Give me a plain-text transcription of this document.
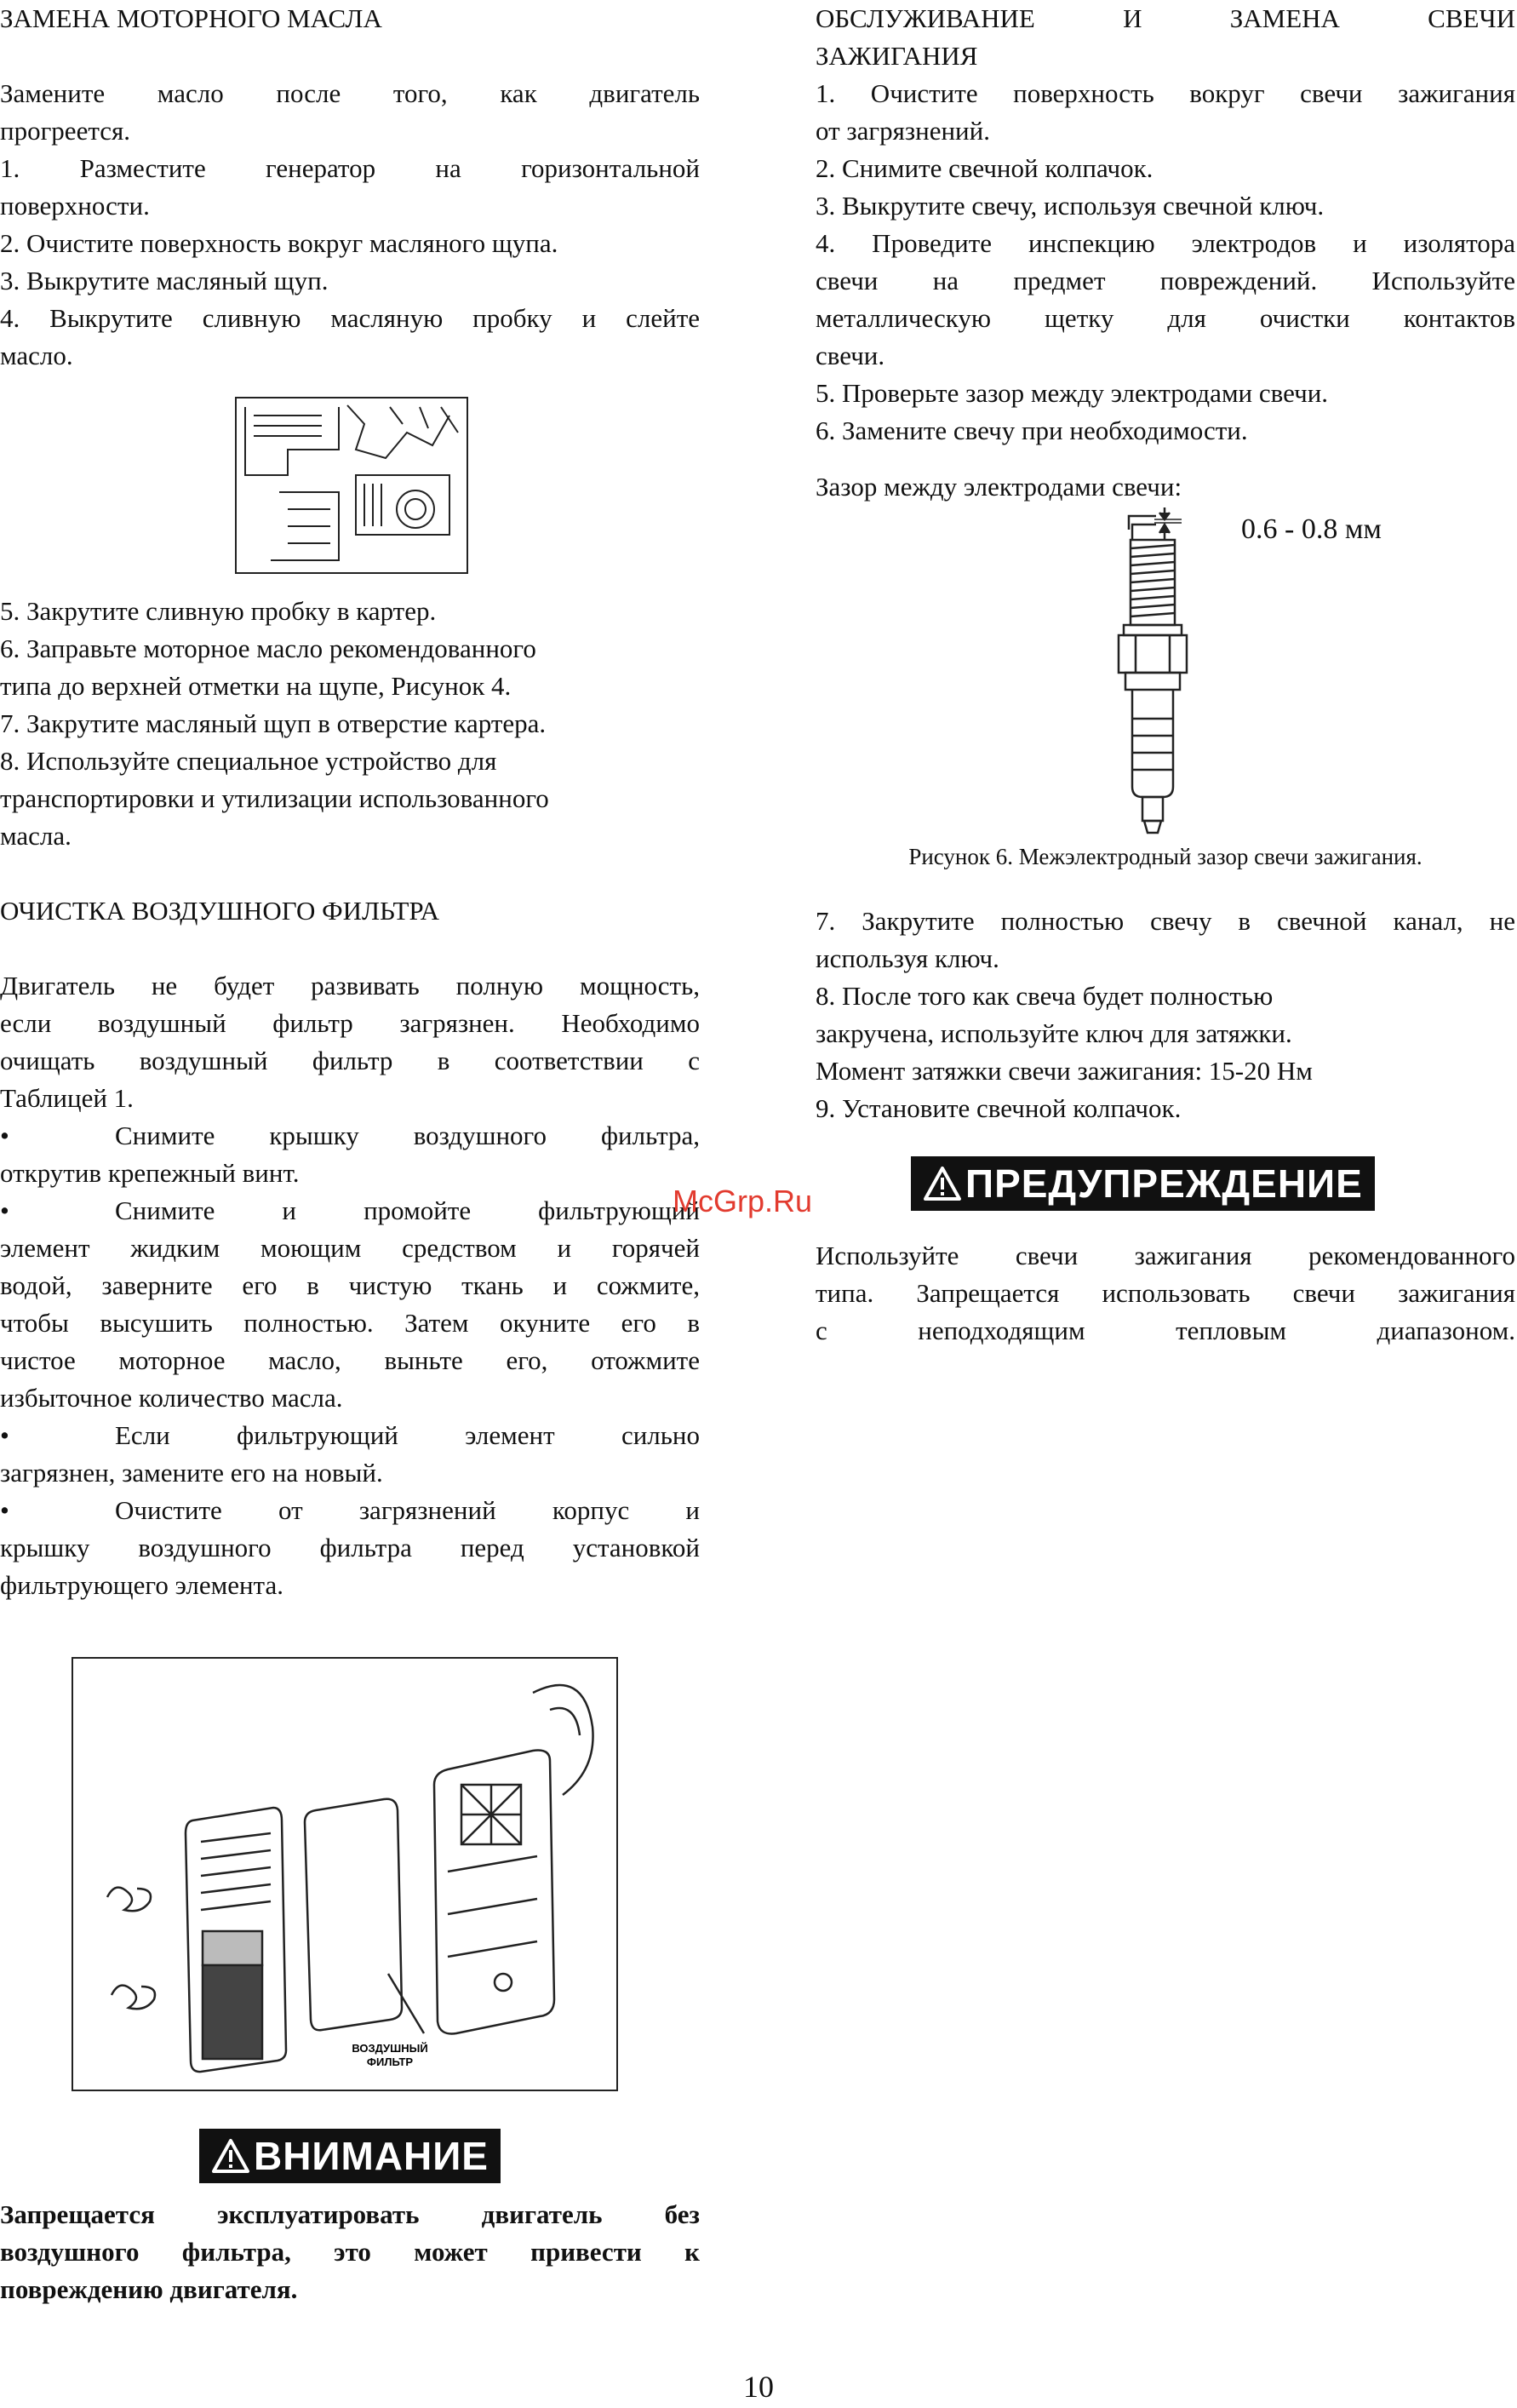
ЗАМЕНА МОТОРНОГО МАСЛА

Замените масло после того, как двигатель

прогреется.

1. Разместите генератор на горизонтальной

поверхности.

2. Очистите поверхность вокруг масляного щупа.

3. Выкрутите масляный щуп.

4. Выкрутите сливную масляную пробку и слейте

масло.

5. Закрутите сливную пробку в картер.

6. Заправьте моторное масло рекомендованного

типа до верхней отметки на щупе, Рисунок 4.

7. Закрутите масляный щуп в отверстие картера.

8. Используйте специальное устройство для

транспортировки и утилизации использованного

масла.

ОЧИСТКА ВОЗДУШНОГО ФИЛЬТРА

Двигатель не будет развивать полную мощность,

если воздушный фильтр загрязнен. Необходимо

очищать воздушный фильтр в соответствии с

Таблицей 1.

•	Снимите крышку воздушного фильтра,

открутив крепежный винт.

•	Снимите и промойте фильтрующий

элемент жидким моющим средством и горячей

водой, заверните его в чистую ткань и сожмите,

чтобы высушить полностью. Затем окуните его в

чистое моторное масло, выньте его, отожмите

избыточное количество масла.

•	Если фильтрующий элемент сильно

загрязнен, замените его на новый.

•	Очистите от загрязнений корпус и

крышку воздушного фильтра перед установкой

фильтрующего элемента.

ВОЗДУШНЫЙ
ФИЛЬТР
ВНИМАНИЕ

Запрещается эксплуатировать двигатель без

воздушного фильтра, это может привести к

повреждению двигателя.

ОБСЛУЖИВАНИЕ И ЗАМЕНА СВЕЧИ

ЗАЖИГАНИЯ

1. Очистите поверхность вокруг свечи зажигания

от загрязнений.

2. Снимите свечной колпачок.

3. Выкрутите свечу, используя свечной ключ.

4. Проведите инспекцию электродов и изолятора

свечи на предмет повреждений. Используйте

металлическую щетку для очистки контактов

свечи.

5. Проверьте зазор между электродами свечи.

6. Замените свечу при необходимости.

Зазор между электродами свечи:

0.6 - 0.8 мм

Рисунок 6. Межэлектродный зазор свечи зажигания.

7. Закрутите полностью свечу в свечной канал, не

используя ключ.

8. После того как свеча будет полностью

закручена, используйте ключ для затяжки.

Момент затяжки свечи зажигания: 15-20 Нм

9. Установите свечной колпачок.

ПРЕДУПРЕЖДЕНИЕ

Используйте свечи зажигания рекомендованного

типа. Запрещается использовать свечи зажигания

с неподходящим тепловым диапазоном.

McGrp.Ru
10
